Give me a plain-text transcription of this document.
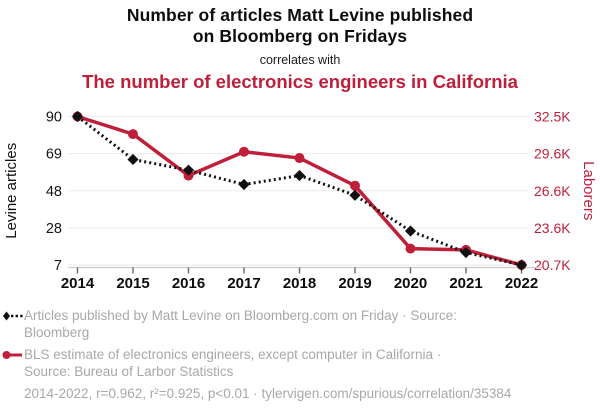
Number of articles Matt Levine published
on Bloomberg on Fridays
correlates with
The number of electronics engineers in California
90	32.5K
69	29.6K
48	26.6K
28	23.6K
7	20.7K
2014 2015 2016 2017 2018 2019 2020 2021 2022
Levine articles	Laborers
Articles published by Matt Levine on Bloomberg.com on Friday · Source:
Bloomberg
BLS estimate of electronics engineers, except computer in California ·
Source: Bureau of Larbor Statistics
2014-2022, r=0.962, r²=0.925, p<0.01 · tylervigen.com/spurious/correlation/35384
